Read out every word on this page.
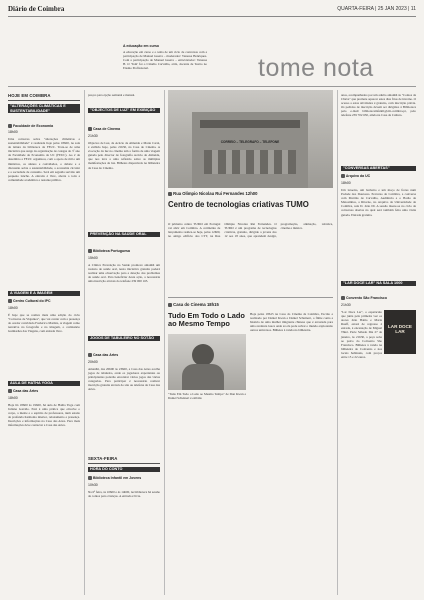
Diário de Coimbra	QUARTA-FEIRA | 25 JAN 2023 | 11
A educação em curso
A educação em curso e o tema de um ciclo de conversas com a participação de Manuel Guerra – moderador: Vanessa Henriques. Com a participação de Manuel Guerra – entrevistador: Vanessa H. O 'Tom' foi o Cláudio Carvalho, atriz, docente de Teatro no Ensino Profissional.	tome nota
HOJE EM COIMBRA
"ALTERAÇÕES CLIMÁTICAS E SUSTENTABILIDADE"
Faculdade de Economia
18h00
Uma conversa sobre "alterações climáticas e sustentabilidade" é realizada hoje pelas 18h00, na sala de leitura da biblioteca da FEUC. Trata-se de uma iniciativa que surge da organização de colegas do 3º ano da Faculdade de Economia da UC (FEUC). Ao 2 de dezembro a FEUC organizou, com o apoio de mil e um ministros, os alunos e convidados, o debate e a discussão sobre a sustentabilidade, a economia circular e a sociedade de consumo. Será em seguida servido um pequeno lanche. A entrada é livre, aberta a toda a comunidade académica e restante público.
A VIAGEM E A IMAGEM
Centro Cultural do IPC
18h00
É hoje que se realiza mais uma edição do ciclo "Conversa de Viajantes", que vai contar com a presença do orador convidado Frederico Martins, A viagem como narrativa na fotografia e na imagem, o comissário Guimarães das Viagens, com entrada livre.
AULA DE HATHA YOGA
Casa das Artes
18h00
Hoje há 18h00 às 19h00, há aula de Hatha Yoga com Juliane Garrido. Está é uma prática que envolve o corpo, a mente e o espírito de professores, num estado de profunda harmonia interior, relaxamento e presença. Inscrições e informações na Casa das Artes. Para mais informações deve contactar a Casa das Artes.
preços para ópção semanal e mensal.
"OBJECTOS DE LUZ" EM EXIBIÇÃO
Casa de Cinema
21h30
Objectos de Luz, de Acácio de Almeida e Marie Carré, é exibido hoje, pelas 21h30, na Casa do Cinema. A evocação da luz no cinema tem a forma de uma viagem guiada pelo director de fotografia Acácio de Almeida, que nos leva a uma reflexão sobre as múltiplas manifestações da luz. Bilhetes disponíveis na bilheteira da Casa do Cinema.
PREVENÇÃO NA SAÚDE ORAL
Biblioteca Portuguesa
15h00
A Clínica Prevenção na Saúde promove amanhã um rastreio de saúde oral, nesta iniciativa gratuita poderá realizar uma observação para a deteção dos problemas de saúde oral. Para beneficiar desta ação, a necessária uma inscrição através do telefone 239 000 165.
JOGOS DE TABULEIRO NO SOTÃO
Casa das Artes
20h00
Amanhã, das 20h00 às 23h00, a Casa das Artes acolhe jogos de tabuleiro, onde os jogadores experientes ou principiantes poderão encontrar vários jogos das várias categorias. Para participar é necessário realizar inscrição gratuita através do site ou telefone da Casa das Artes.
SEXTA-FEIRA
HORA DO CONTO
Biblioteca Infantil em Jovens
10h30
Na 6ª feira, às 10h00 e às 14h00, na biblioteca há sessão de contos para crianças. A entrada é livre.
CORREIO – TELEGRAFO – TELEFONE
Rua Olímpio Nicolau Rui Fernandes 12h00
Centro de tecnologias criativas TUMO
O primeiro centro TUMO em Portugal vai abrir em Coimbra. A cerimónia de lançamento realiza-se hoje, pelas 12h00, no antigo edifício dos CTT, na Rua Olímpio Nicolau Rui Fernandes. O TUMO é um programa de tecnologias criativas, gratuito, dirigido a jovens dos 12 aos 18 anos, que aprendem design, programação, animação, robótica, cinema e música.
Casa do Cinema 18h15
Tudo Em Todo o Lado ao Mesmo Tempo
"Tudo Em Todo o Lado ao Mesmo Tempo" de Dan Kwan e Daniel Scheinert é exibido
Hoje pelas 18h15 na Casa do Cinema de Coimbra, Escrito e realizado por Daniel Kwan e Daniel Scheinert, o filme conta a história de uma mulher imigrante chinesa que é arrastada para uma aventura louca onde só ela pode salvar o mundo explorando outros universos. Bilhetes à venda na bilheteira.
anos, acompanhados por um adulto amanhã às "Contos da Chuva" que promete aquecer estes dias frios de inverno. O acesso a estas atividades é gratuito, com inscrição prévia. Os pedidos de inscrição devem ser dirigidos à Biblioteca pelo e-mail bibliotecainfantil@cm-coimbra.pt, pelo telefone 239 702 630, ainda na Casa da Cultura.
"CONVERSAS ABERTAS"
Arquivo da UC
18h00
Um latoeiro, um barbeiro e um moço de fretes num Podade dos Doutores. Percurso de Coimbra, a conversa com Martins de Carvalho, Audiência e o Barão de Matosinhos, a Ritorno, no Arquivo da Universidade de Coimbra, sala D. João III. A sessão insere-se no ciclo de conversas abertas na qual será também feita uma visita guiada. Entrada gratuita.
"LAR DOCE LAR" NA SALA 1000
Convento São Francisco
21h30
LAR DOCE LAR
"Lar Doce Lar", o espetáculo que junta pela primeira vez os atores João Baião e Maria Rueff, estará de regresso à estrada, é encenação de Miguel Thiré. Parte Sábado Dia 27 de janeiro, às 21h30, a peça sobe ao palco do Convento São Francisco. Bilhetes à venda na bilheteira do Convento e nos locais habituais, com preços entre 15 e 22 euros.
